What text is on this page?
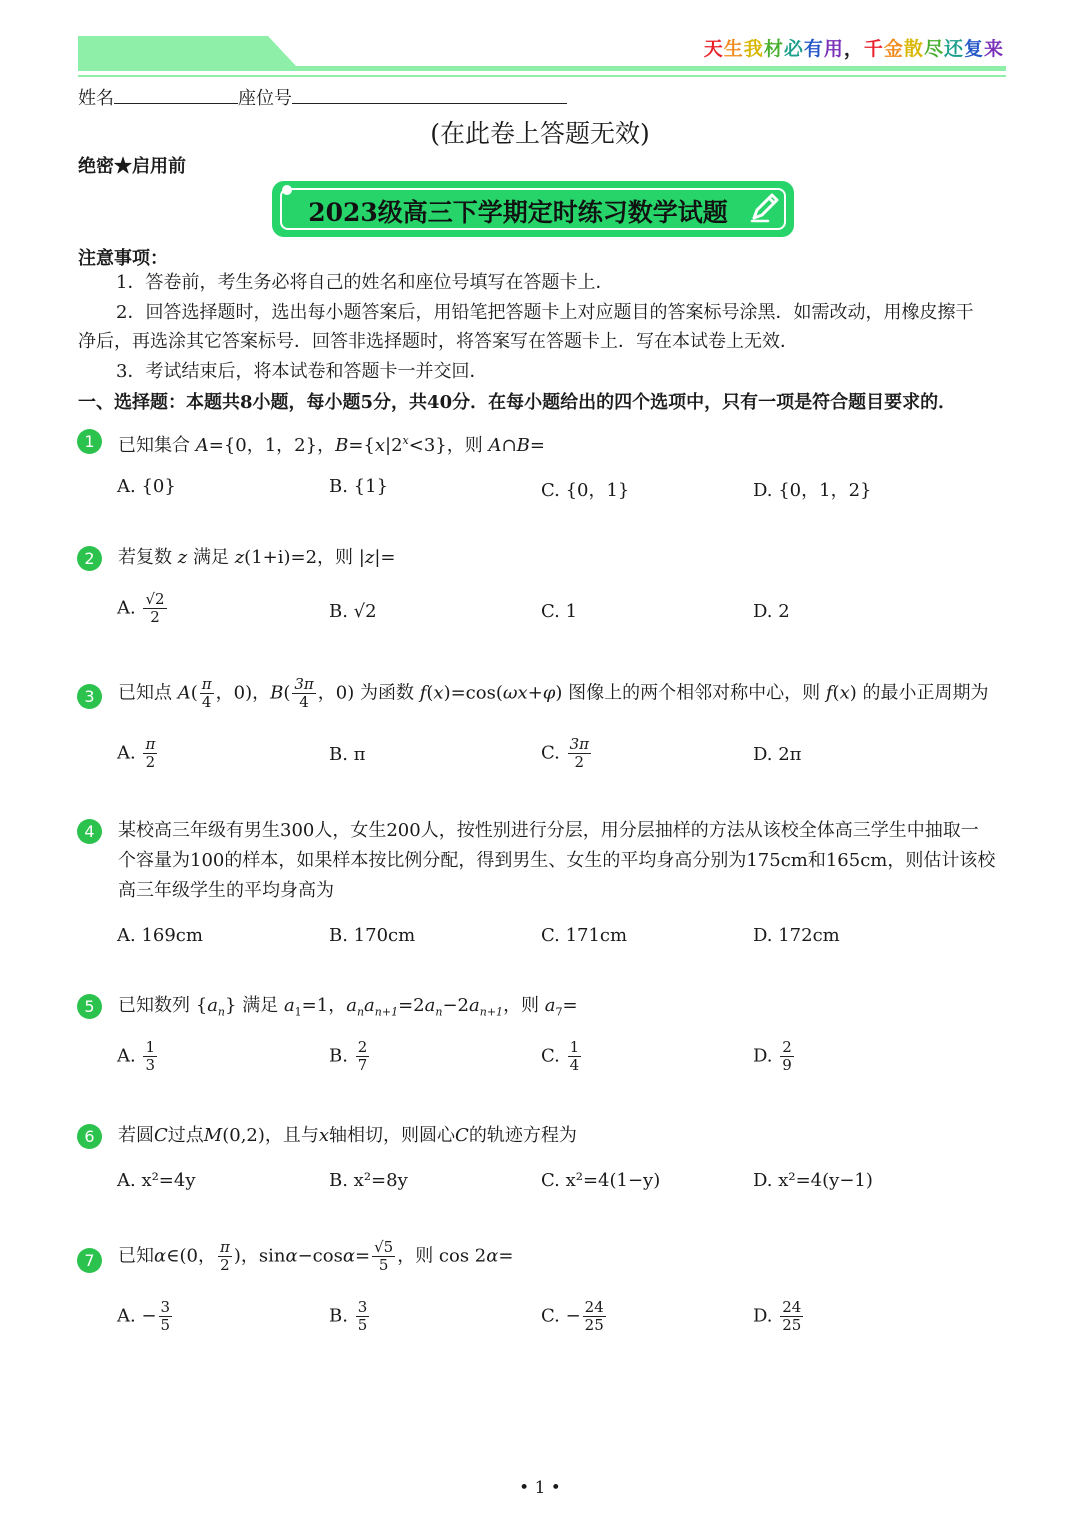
天生我材必有用，千金散尽还复来
姓名	座位号
(在此卷上答题无效)
绝密★启用前
2023级高三下学期定时练习数学试题
注意事项：
1．答卷前，考生务必将自己的姓名和座位号填写在答题卡上．
2．回答选择题时，选出每小题答案后，用铅笔把答题卡上对应题目的答案标号涂黑．如需改动，用橡皮擦干
净后，再选涂其它答案标号．回答非选择题时，将答案写在答题卡上．写在本试卷上无效．
3．考试结束后，将本试卷和答题卡一并交回．
一、选择题：本题共8小题，每小题5分，共40分．在每小题给出的四个选项中，只有一项是符合题目要求的．
1	已知集合 A={0，1，2}，$B=\{x|2^x<3\}$，则 A∩B=
A. {0}	B. {1}	C. {0，1}	D. {0，1，2}
2	若复数 z 满足 z(1+i)=2，则 |z|=
A. $\frac{√2}{2}$	B. √2	C. 1	D. 2
3	已知点 $A( \frac{\pi}{4}$ ，0)，$B( \frac{3\pi}{4}$ ，0) 为函数 f(x)=cos(ωx+φ) 图像上的两个相邻对称中心，则 f(x) 的最小正周期为
A. $\frac{\pi}{2}$	B. π	C. $\frac{3\pi}{2}$	D. 2π
4	某校高三年级有男生300人，女生200人，按性别进行分层，用分层抽样的方法从该校全体高三学生中抽取一
个容量为100的样本，如果样本按比例分配，得到男生、女生的平均身高分别为175cm和165cm，则估计该校
高三年级学生的平均身高为
A. 169cm	B. 170cm	C. 171cm	D. 172cm
5	已知数列 $\{a_n\}$ 满足 $a_1=1$，$a_na_{n+1}=2a_n-2a_{n+1}$，则 $a_7=$
A. $\frac{1}{3}$	B. $\frac{2}{7}$	C. $\frac{1}{4}$	D. $\frac{2}{9}$
6	若圆C过点M(0,2)，且与x轴相切，则圆心C的轨迹方程为
A. x²=4y	B. x²=8y	C. x²=4(1−y)	D. x²=4(y−1)
7	已知α∈(0， $\frac{\pi}{2}$ )，$\sin\alpha-\cos\alpha= \frac{√5}{5}$ ，则 cos 2α=
A. − $\frac{3}{5}$	B. $\frac{3}{5}$	C. − $\frac{24}{25}$	D. $\frac{24}{25}$
• 1 •
